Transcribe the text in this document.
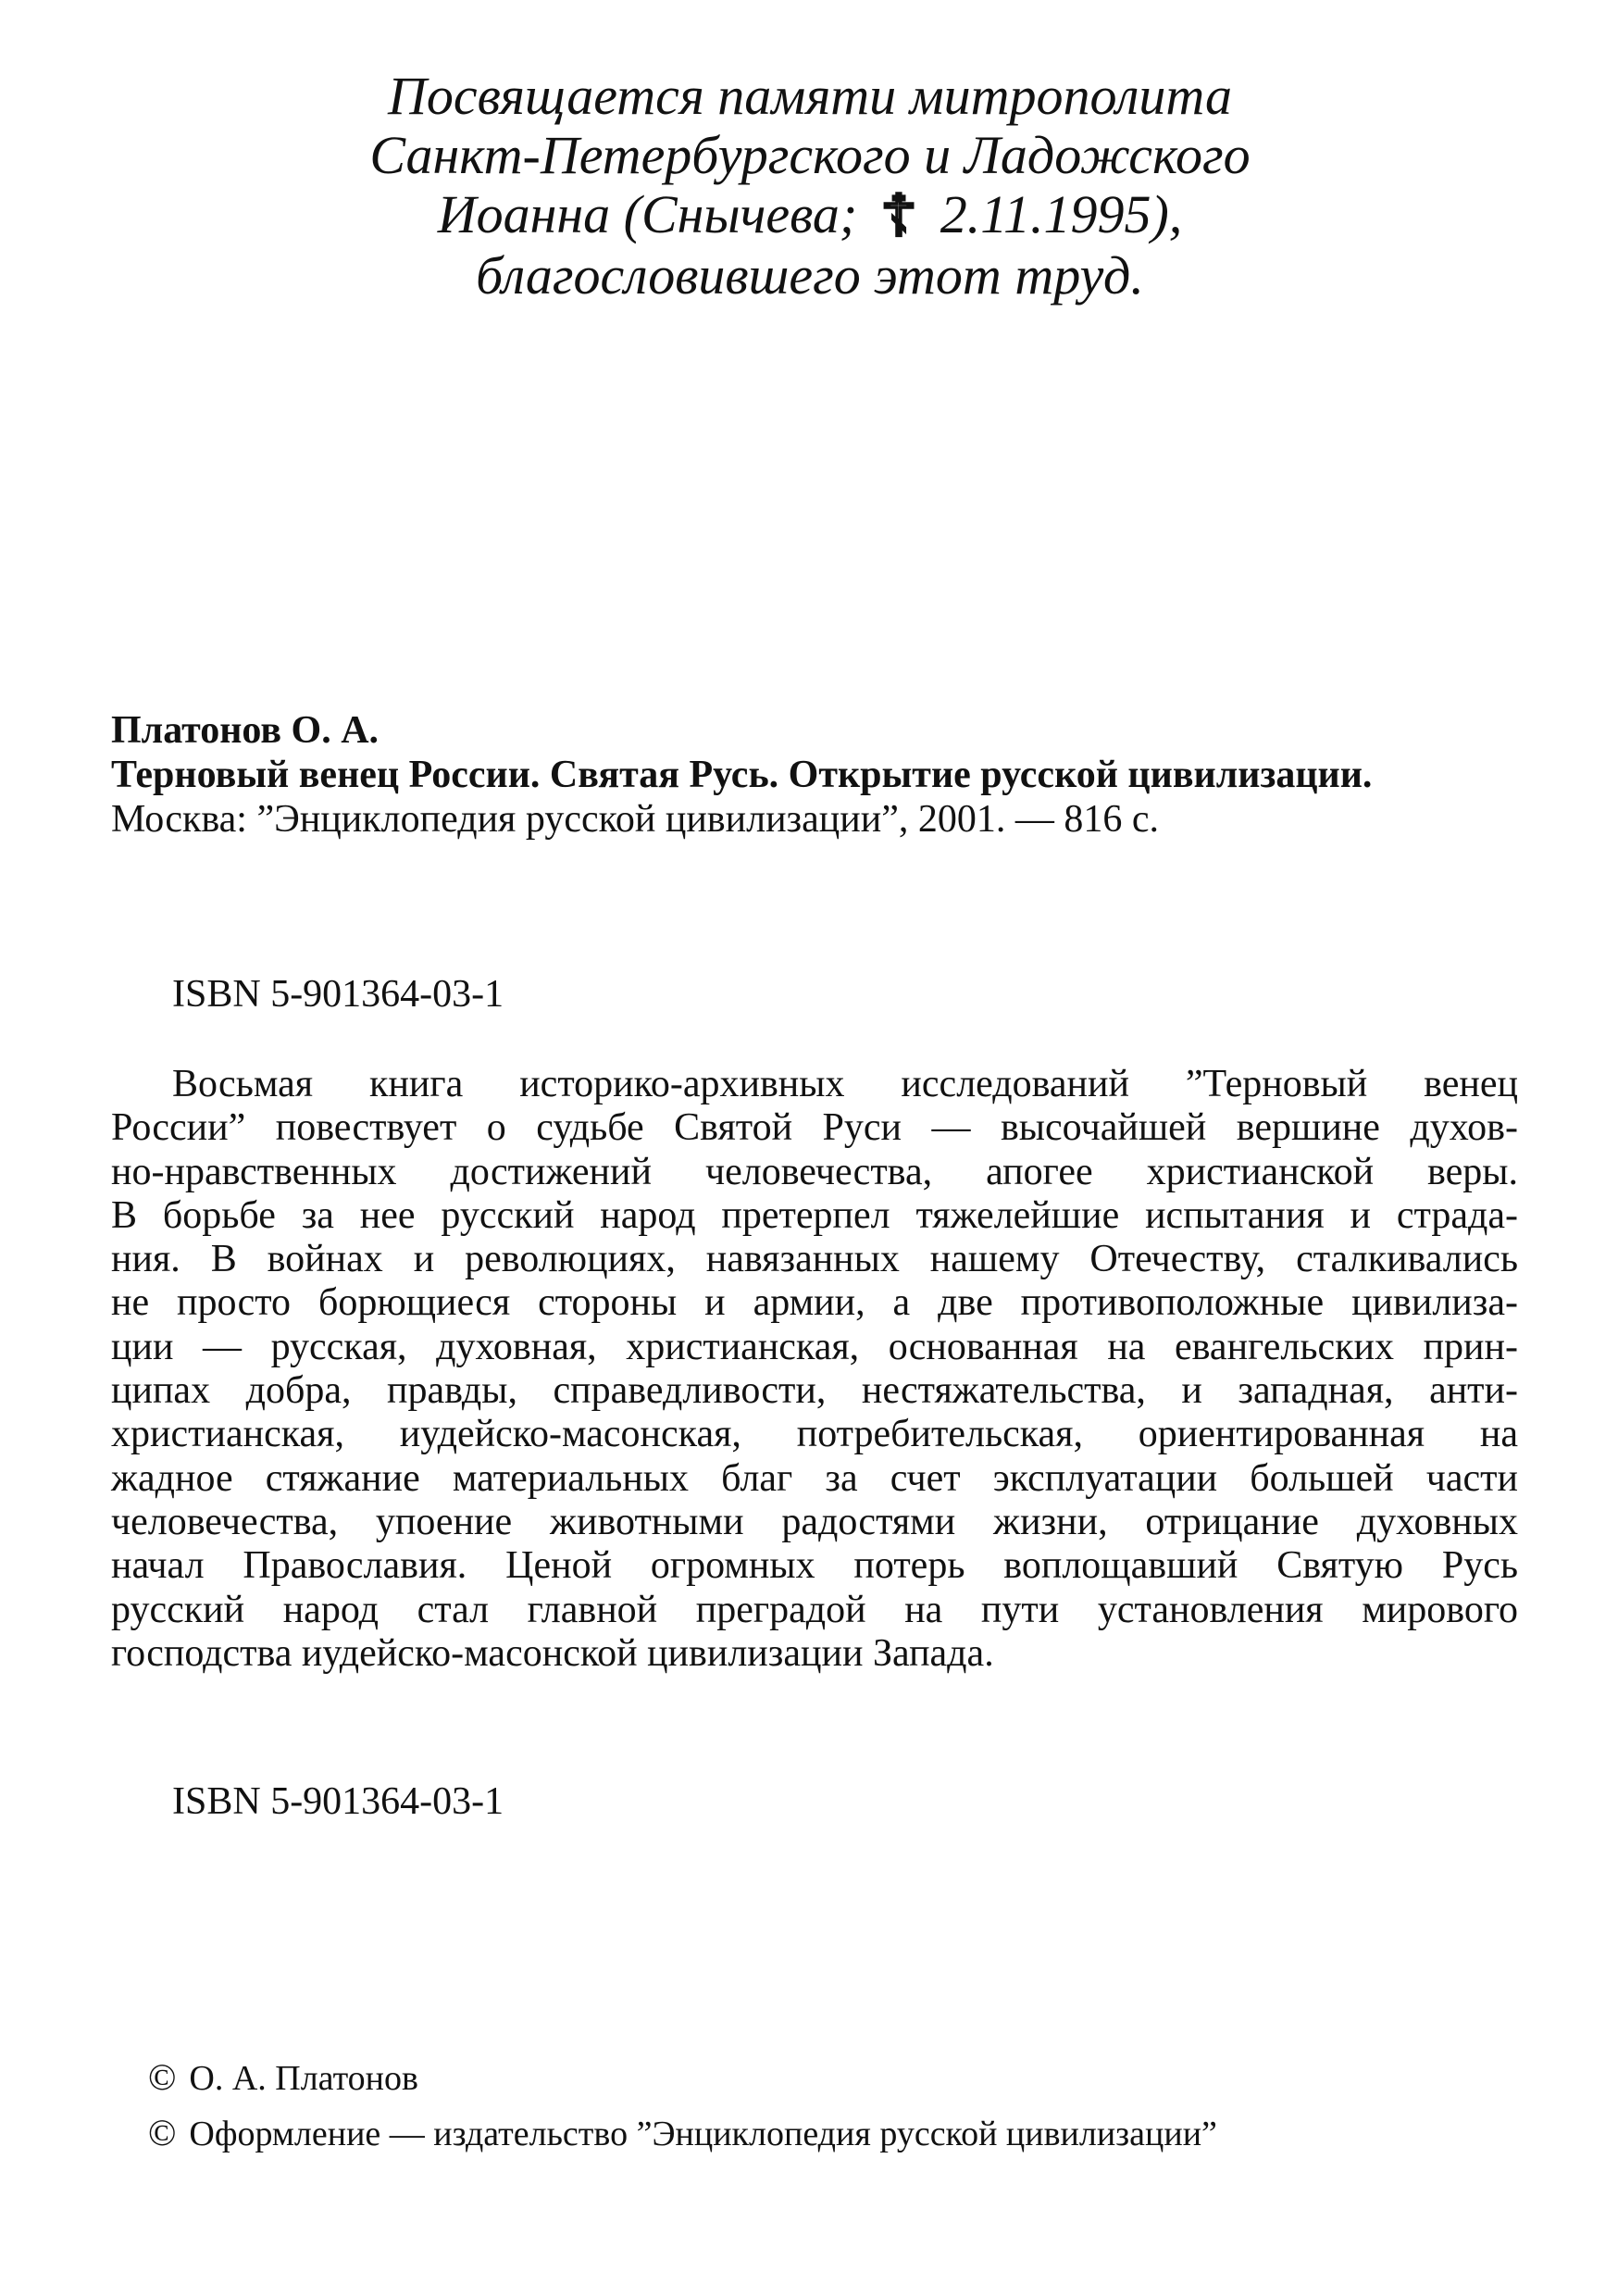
Посвящается памяти митрополита
Санкт-Петербургского и Ладожского
Иоанна (Снычева; ☦ 2.11.1995),
благословившего этот труд.
Платонов О. А.
Терновый венец России. Святая Русь. Открытие русской цивилизации.
Москва: ”Энциклопедия русской цивилизации”, 2001. — 816 с.
ISBN 5-901364-03-1
Восьмая книга историко-архивных исследований ”Терновый венец
России” повествует о судьбе Святой Руси — высочайшей вершине духов-
но-нравственных достижений человечества, апогее христианской веры.
В борьбе за нее русский народ претерпел тяжелейшие испытания и страда-
ния. В войнах и революциях, навязанных нашему Отечеству, сталкивались
не просто борющиеся стороны и армии, а две противоположные цивилиза-
ции — русская, духовная, христианская, основанная на евангельских прин-
ципах добра, правды, справедливости, нестяжательства, и западная, анти-
христианская, иудейско-масонская, потребительская, ориентированная на
жадное стяжание материальных благ за счет эксплуатации большей части
человечества, упоение животными радостями жизни, отрицание духовных
начал Православия. Ценой огромных потерь воплощавший Святую Русь
русский народ стал главной преградой на пути установления мирового
господства иудейско-масонской цивилизации Запада.
ISBN 5-901364-03-1
© О. А. Платонов
© Оформление — издательство ”Энциклопедия русской цивилизации”
